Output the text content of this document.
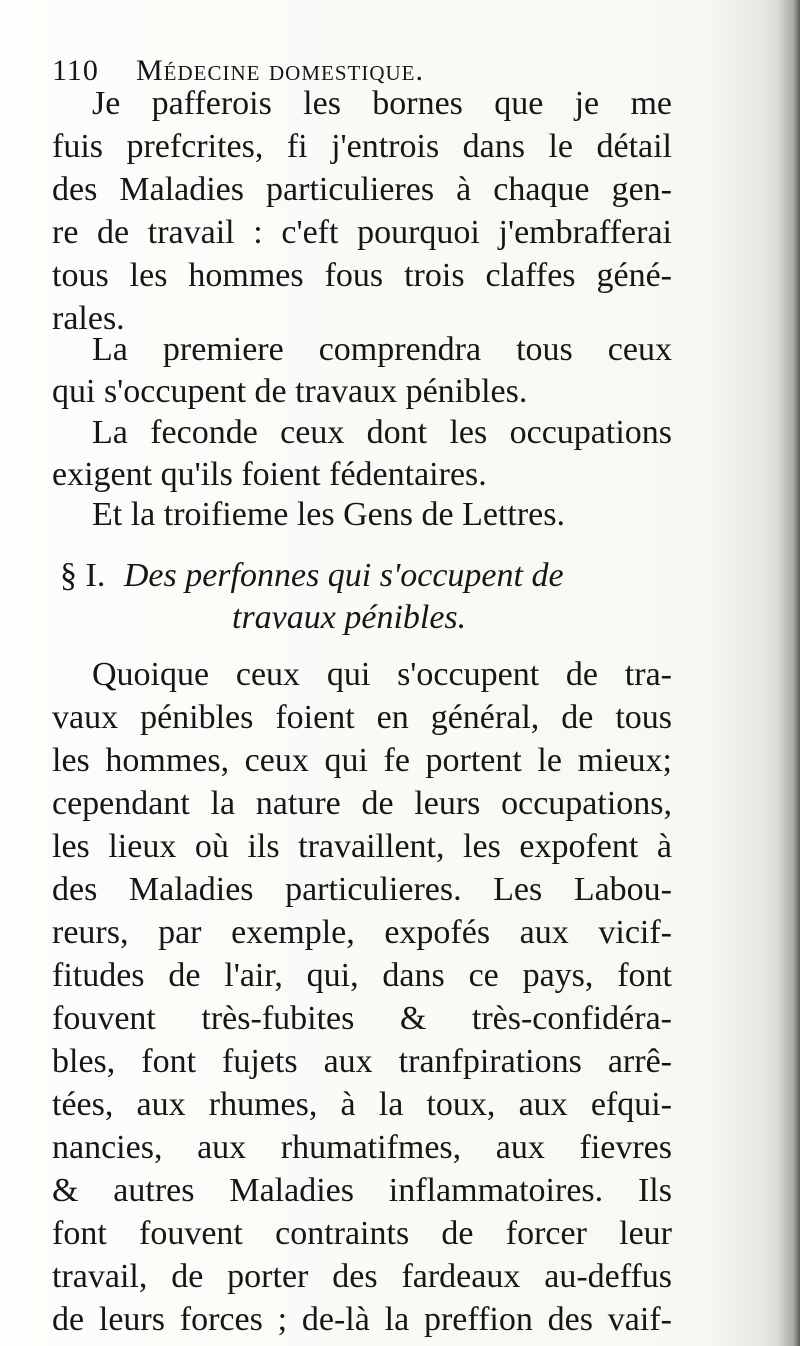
110 Médecine domestique.
Je pafferois les bornes que je me
fuis prefcrites, fi j'entrois dans le détail
des Maladies particulieres à chaque gen-
re de travail : c'eft pourquoi j'embrafferai
tous les hommes fous trois claffes géné-
rales.
La premiere comprendra tous ceux
qui s'occupent de travaux pénibles.
La feconde ceux dont les occupations
exigent qu'ils foient fédentaires.
Et la troifieme les Gens de Lettres.
§ I. Des perfonnes qui s'occupent de
travaux pénibles.
Quoique ceux qui s'occupent de tra-
vaux pénibles foient en général, de tous
les hommes, ceux qui fe portent le mieux;
cependant la nature de leurs occupations,
les lieux où ils travaillent, les expofent à
des Maladies particulieres. Les Labou-
reurs, par exemple, expofés aux vicif-
fitudes de l'air, qui, dans ce pays, font
fouvent très-fubites & très-confidéra-
bles, font fujets aux tranfpirations arrê-
tées, aux rhumes, à la toux, aux efqui-
nancies, aux rhumatifmes, aux fievres
& autres Maladies inflammatoires. Ils
font fouvent contraints de forcer leur
travail, de porter des fardeaux au-deffus
de leurs forces ; de-là la preffion des vaif-
